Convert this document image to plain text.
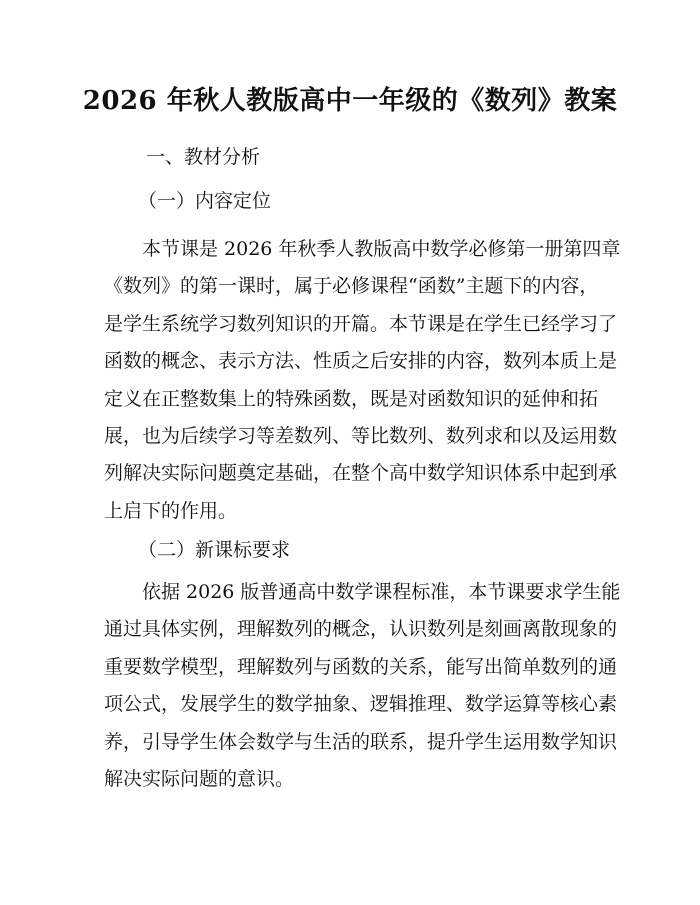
2026 年秋人教版高中一年级的《数列》教案
一、教材分析
（一）内容定位
本节课是 2026 年秋季人教版高中数学必修第一册第四章
《数列》的第一课时，属于必修课程“函数”主题下的内容，
是学生系统学习数列知识的开篇。本节课是在学生已经学习了
函数的概念、表示方法、性质之后安排的内容，数列本质上是
定义在正整数集上的特殊函数，既是对函数知识的延伸和拓
展，也为后续学习等差数列、等比数列、数列求和以及运用数
列解决实际问题奠定基础，在整个高中数学知识体系中起到承
上启下的作用。
（二）新课标要求
依据 2026 版普通高中数学课程标准，本节课要求学生能
通过具体实例，理解数列的概念，认识数列是刻画离散现象的
重要数学模型，理解数列与函数的关系，能写出简单数列的通
项公式，发展学生的数学抽象、逻辑推理、数学运算等核心素
养，引导学生体会数学与生活的联系，提升学生运用数学知识
解决实际问题的意识。
